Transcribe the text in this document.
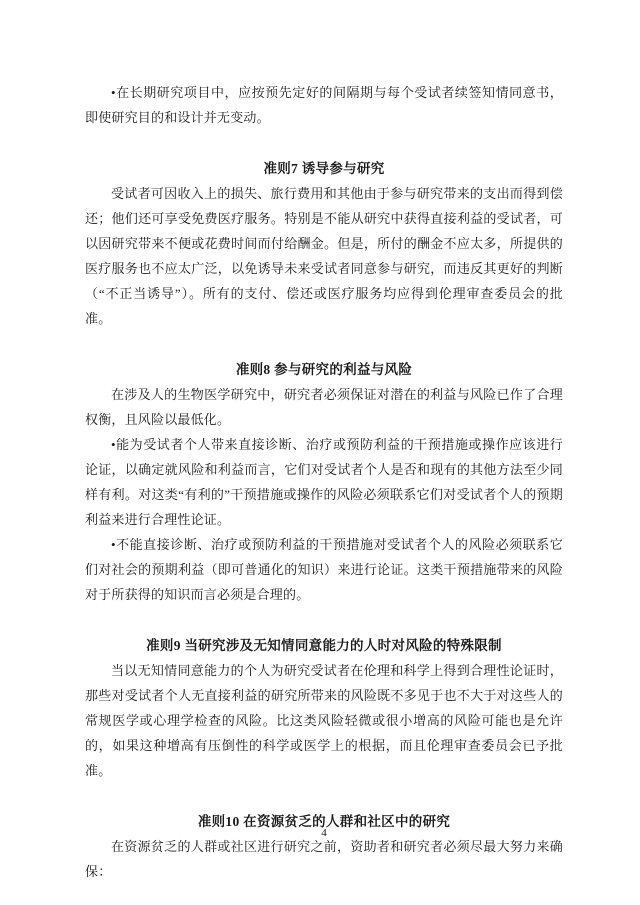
•在长期研究项目中，应按预先定好的间隔期与每个受试者续签知情同意书，即使研究目的和设计并无变动。

准则7 诱导参与研究

受试者可因收入上的损失、旅行费用和其他由于参与研究带来的支出而得到偿还；他们还可享受免费医疗服务。特别是不能从研究中获得直接利益的受试者，可以因研究带来不便或花费时间而付给酬金。但是，所付的酬金不应太多，所提供的医疗服务也不应太广泛，以免诱导未来受试者同意参与研究，而违反其更好的判断（“不正当诱导”）。所有的支付、偿还或医疗服务均应得到伦理审查委员会的批准。

准则8 参与研究的利益与风险

在涉及人的生物医学研究中，研究者必须保证对潜在的利益与风险已作了合理权衡，且风险以最低化。

•能为受试者个人带来直接诊断、治疗或预防利益的干预措施或操作应该进行论证，以确定就风险和利益而言，它们对受试者个人是否和现有的其他方法至少同样有利。对这类“有利的”干预措施或操作的风险必须联系它们对受试者个人的预期利益来进行合理性论证。

•不能直接诊断、治疗或预防利益的干预措施对受试者个人的风险必须联系它们对社会的预期利益（即可普通化的知识）来进行论证。这类干预措施带来的风险对于所获得的知识而言必须是合理的。

准则9 当研究涉及无知情同意能力的人时对风险的特殊限制

当以无知情同意能力的个人为研究受试者在伦理和科学上得到合理性论证时，那些对受试者个人无直接利益的研究所带来的风险既不多见于也不大于对这些人的常规医学或心理学检查的风险。比这类风险轻微或很小增高的风险可能也是允许的，如果这种增高有压倒性的科学或医学上的根据，而且伦理审查委员会已予批准。

准则10 在资源贫乏的人群和社区中的研究

在资源贫乏的人群或社区进行研究之前，资助者和研究者必须尽最大努力来确保：

4
